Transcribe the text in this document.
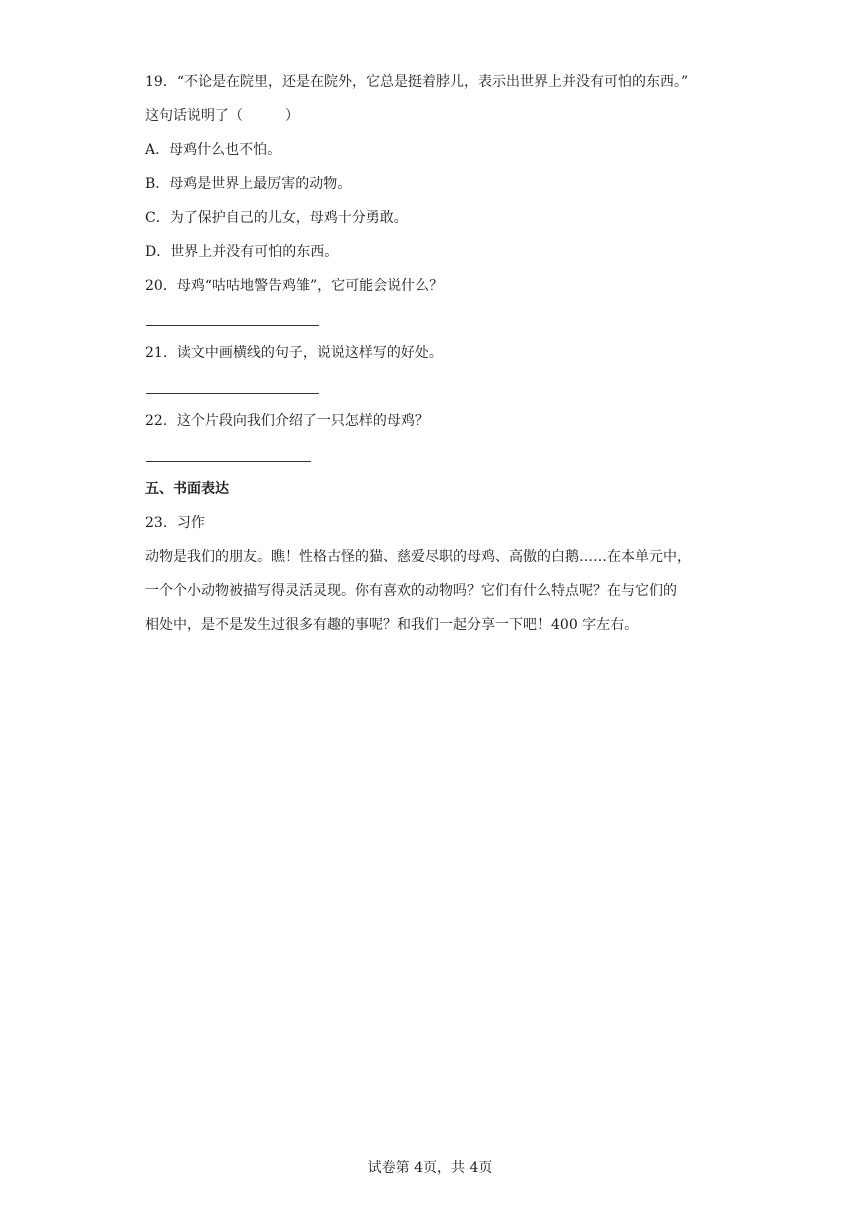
19．“不论是在院里，还是在院外，它总是挺着脖儿，表示出世界上并没有可怕的东西。”
这句话说明了（　　　）
A．母鸡什么也不怕。
B．母鸡是世界上最厉害的动物。
C．为了保护自己的儿女，母鸡十分勇敢。
D．世界上并没有可怕的东西。
20．母鸡“咕咕地警告鸡雏”，它可能会说什么？
21．读文中画横线的句子，说说这样写的好处。
22．这个片段向我们介绍了一只怎样的母鸡？
五、书面表达
23．习作
动物是我们的朋友。瞧！性格古怪的猫、慈爱尽职的母鸡、高傲的白鹅……在本单元中，
一个个小动物被描写得灵活灵现。你有喜欢的动物吗？它们有什么特点呢？在与它们的
相处中，是不是发生过很多有趣的事呢？和我们一起分享一下吧！400 字左右。
试卷第 4页，共 4页
